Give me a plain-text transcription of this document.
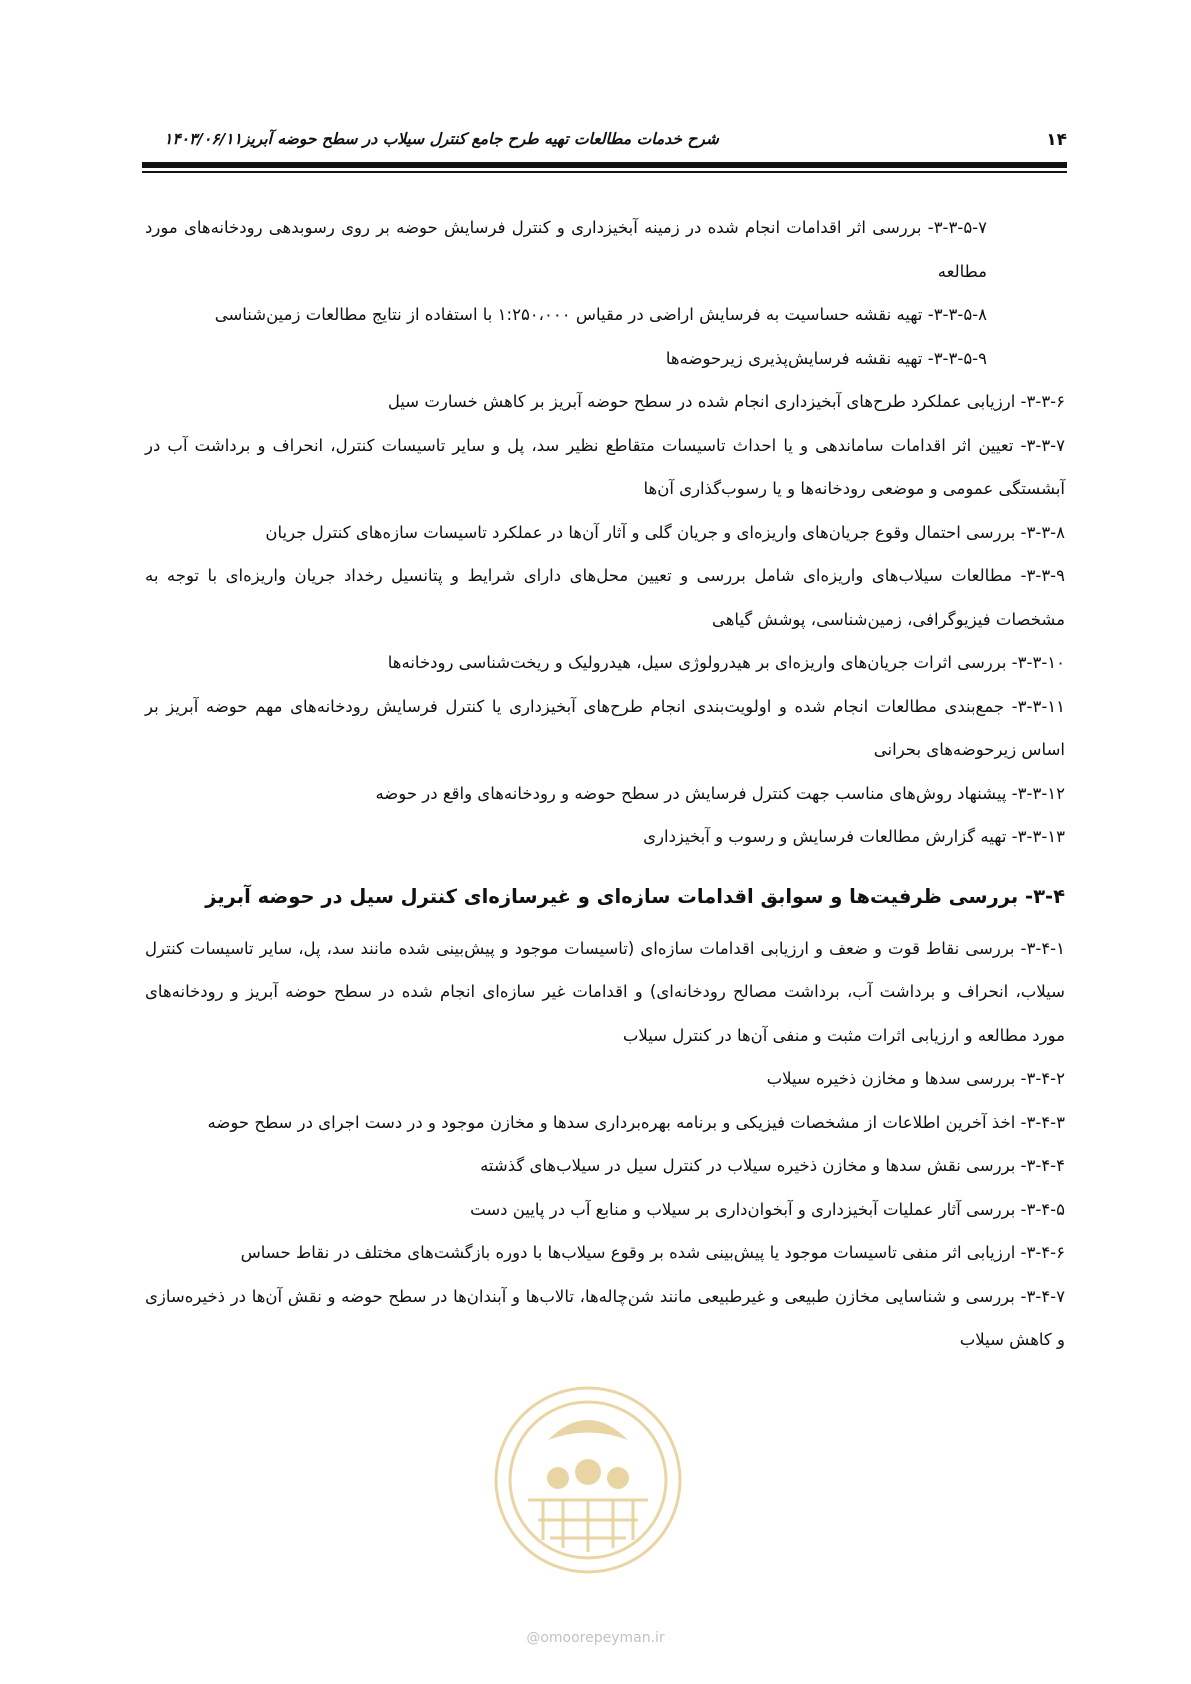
۱۴
شرح خدمات مطالعات تهیه طرح جامع کنترل سیلاب در سطح حوضه آبریز۱۴۰۳/۰۶/۱۱

۳-۳-۵-۷- بررسی اثر اقدامات انجام شده در زمینه آبخیزداری و کنترل فرسایش حوضه بر روی رسوبدهی رودخانه‌های مورد مطالعه

۳-۳-۵-۸- تهیه نقشه حساسیت به فرسایش اراضی در مقیاس ۱:۲۵۰،۰۰۰ با استفاده از نتایج مطالعات زمین‌شناسی

۳-۳-۵-۹- تهیه نقشه فرسایش‌پذیری زیرحوضه‌ها

۳-۳-۶- ارزیابی عملکرد طرح‌های آبخیزداری انجام شده در سطح حوضه آبریز بر کاهش خسارت سیل

۳-۳-۷- تعیین اثر اقدامات ساماندهی و یا احداث تاسیسات متقاطع نظیر سد، پل و سایر تاسیسات کنترل، انحراف و برداشت آب در آبشستگی عمومی و موضعی رودخانه‌ها و یا رسوب‌گذاری آن‌ها

۳-۳-۸- بررسی احتمال وقوع جریان‌های واریزه‌ای و جریان گلی و آثار آن‌ها در عملکرد تاسیسات سازه‌های کنترل جریان

۳-۳-۹- مطالعات سیلاب‌های واریزه‌ای شامل بررسی و تعیین محل‌های دارای شرایط و پتانسیل رخداد جریان واریزه‌ای با توجه به مشخصات فیزیوگرافی، زمین‌شناسی، پوشش گیاهی

۳-۳-۱۰- بررسی اثرات جریان‌های واریزه‌ای بر هیدرولوژی سیل، هیدرولیک و ریخت‌شناسی رودخانه‌ها

۳-۳-۱۱- جمع‌بندی مطالعات انجام شده و اولویت‌بندی انجام طرح‌های آبخیزداری یا کنترل فرسایش رودخانه‌های مهم حوضه آبریز بر اساس زیرحوضه‌های بحرانی

۳-۳-۱۲- پیشنهاد روش‌های مناسب جهت کنترل فرسایش در سطح حوضه و رودخانه‌های واقع در حوضه

۳-۳-۱۳- تهیه گزارش مطالعات فرسایش و رسوب و آبخیزداری

۳-۴- بررسی ظرفیت‌ها و سوابق اقدامات سازه‌ای و غیرسازه‌ای کنترل سیل در حوضه آبریز

۳-۴-۱- بررسی نقاط قوت و ضعف و ارزیابی اقدامات سازه‌ای (تاسیسات موجود و پیش‌بینی شده مانند سد، پل، سایر تاسیسات کنترل سیلاب، انحراف و برداشت آب، برداشت مصالح رودخانه‌ای) و اقدامات غیر سازه‌ای انجام شده در سطح حوضه آبریز و رودخانه‌های مورد مطالعه و ارزیابی اثرات مثبت و منفی آن‌ها در کنترل سیلاب

۳-۴-۲- بررسی سدها و مخازن ذخیره سیلاب

۳-۴-۳- اخذ آخرین اطلاعات از مشخصات فیزیکی و برنامه بهره‌برداری سدها و مخازن موجود و در دست اجرای در سطح حوضه

۳-۴-۴- بررسی نقش سدها و مخازن ذخیره سیلاب در کنترل سیل در سیلاب‌های گذشته

۳-۴-۵- بررسی آثار عملیات آبخیزداری و آبخوان‌داری بر سیلاب و منابع آب در پایین دست

۳-۴-۶- ارزیابی اثر منفی تاسیسات موجود یا پیش‌بینی شده بر وقوع سیلاب‌ها با دوره بازگشت‌های مختلف در نقاط حساس

۳-۴-۷- بررسی و شناسایی مخازن طبیعی و غیرطبیعی مانند شن‌چاله‌ها، تالاب‌ها و آبندان‌ها در سطح حوضه و نقش آن‌ها در ذخیره‌سازی و کاهش سیلاب

@omoorepeyman.ir
